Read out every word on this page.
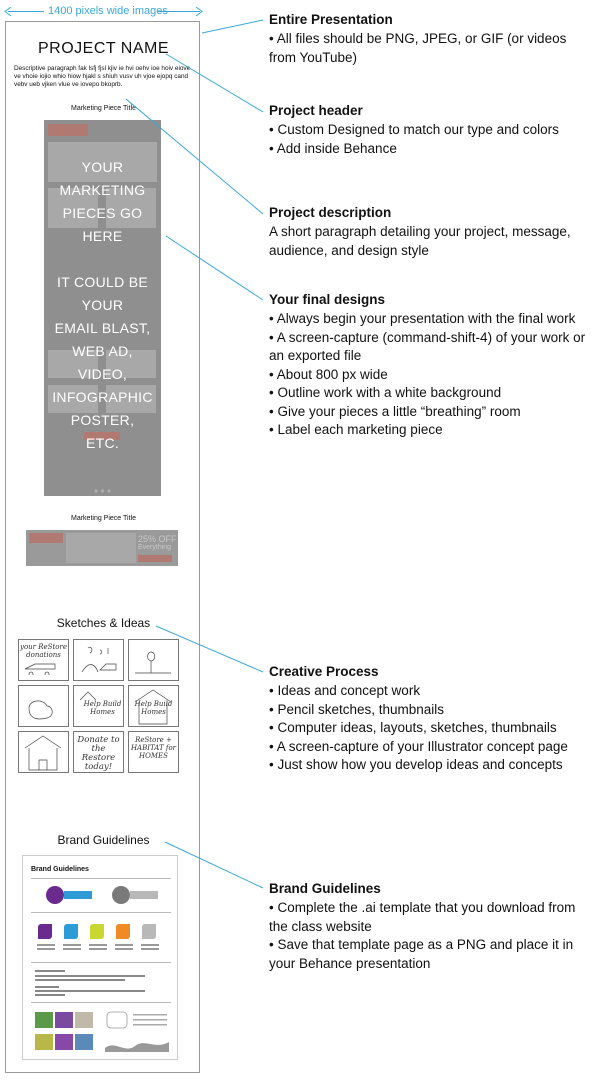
1400 pixels wide images
PROJECT NAME
Descriptive paragraph fak lsfj fjsl kjiv ie hvi oehv ioe hoiv eiove ve vhoie iojio whio hiow hjakl s shiuh vusv uh vjoe ejopq cand vebv ueb vjken vlue ve iovepo bkoprb.
Marketing Piece Title
YOUR
MARKETING
PIECES GO
HERE
IT COULD BE
YOUR
EMAIL BLAST,
WEB AD,
VIDEO,
INFOGRAPHIC
POSTER,
ETC.
Marketing Piece Title
25% OFF
Everything
Sketches & Ideas
Brand Guidelines
your ReStore donations
Help Build Homes
Help Build Homes
Donate to the Restore today!
ReStore + HABITAT for HOMES
Brand Guidelines
Entire Presentation
• All files should be PNG, JPEG, or GIF (or videos from YouTube)
Project header
• Custom Designed to match our type and colors
• Add inside Behance
Project description
A short paragraph detailing your project, message, audience, and design style
Your final designs
• Always begin your presentation with the final work
• A screen-capture (command-shift-4) of your work or an exported file
• About 800 px wide
• Outline work with a white background
• Give your pieces a little “breathing” room
• Label each marketing piece
Creative Process
• Ideas and concept work
• Pencil sketches, thumbnails
• Computer ideas, layouts, sketches, thumbnails
• A screen-capture of your Illustrator concept page
• Just show how you develop ideas and concepts
Brand Guidelines
• Complete the .ai template that you download from the class website
• Save that template page as a PNG and place it in your Behance presentation
